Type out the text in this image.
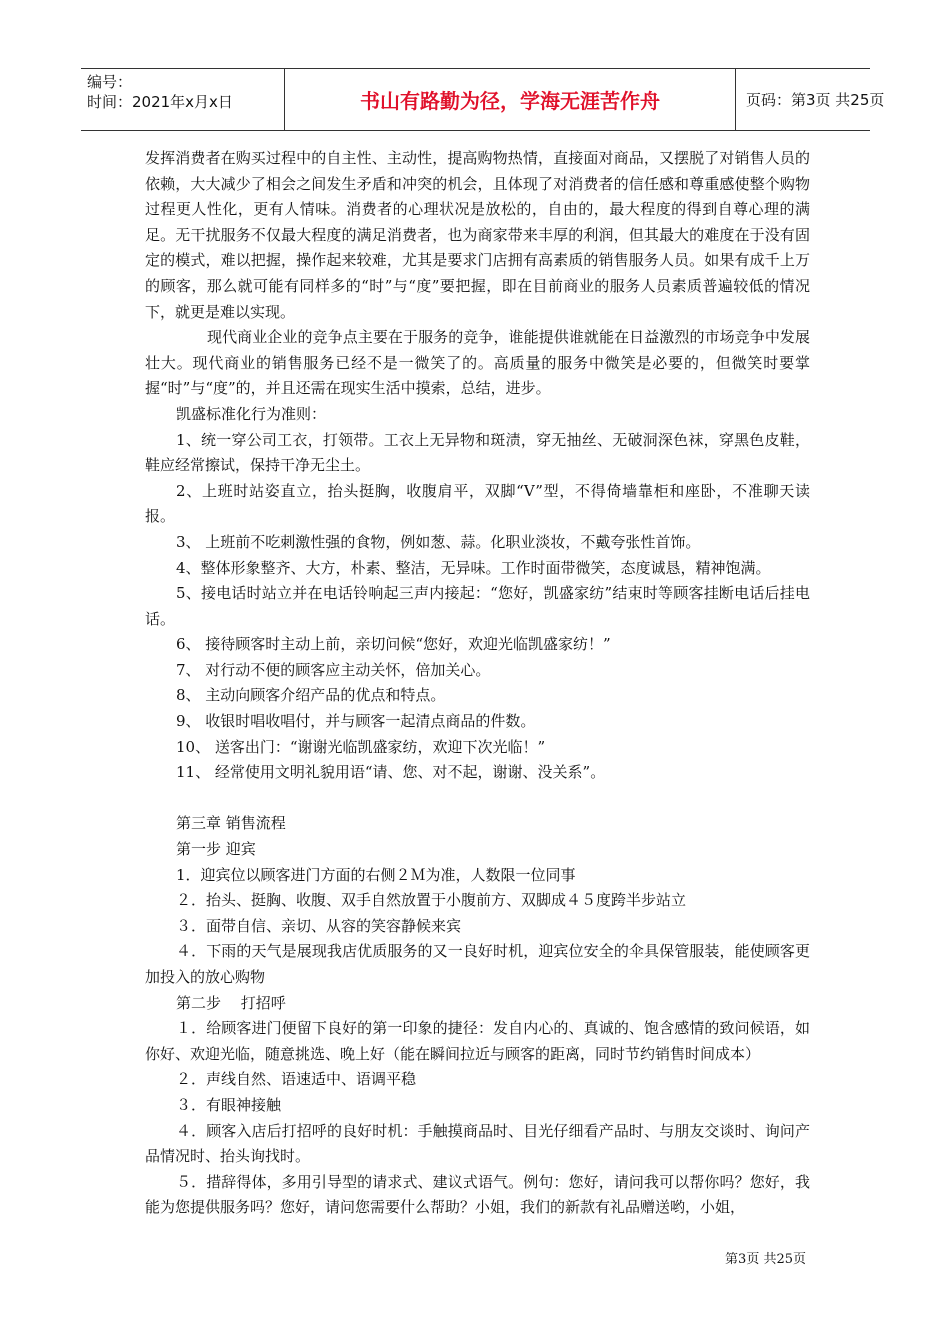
编号：
时间：2021年x月x日	书山有路勤为径，学海无涯苦作舟	页码：第3页 共25页

发挥消费者在购买过程中的自主性、主动性，提高购物热情，直接面对商品，又摆脱了对销售人员的依赖，大大减少了相会之间发生矛盾和冲突的机会，且体现了对消费者的信任感和尊重感使整个购物过程更人性化，更有人情味。消费者的心理状况是放松的，自由的，最大程度的得到自尊心理的满足。无干扰服务不仅最大程度的满足消费者，也为商家带来丰厚的利润，但其最大的难度在于没有固定的模式，难以把握，操作起来较难，尤其是要求门店拥有高素质的销售服务人员。如果有成千上万的顾客，那么就可能有同样多的“时”与“度”要把握，即在目前商业的服务人员素质普遍较低的情况下，就更是难以实现。

现代商业企业的竞争点主要在于服务的竞争，谁能提供谁就能在日益激烈的市场竞争中发展壮大。现代商业的销售服务已经不是一微笑了的。高质量的服务中微笑是必要的，但微笑时要掌握“时”与“度”的，并且还需在现实生活中摸索，总结，进步。

凯盛标准化行为准则：

1、统一穿公司工衣，打领带。工衣上无异物和斑渍，穿无抽丝、无破洞深色袜，穿黑色皮鞋，鞋应经常擦试，保持干净无尘土。

2、上班时站姿直立，抬头挺胸，收腹肩平，双脚“V”型，不得倚墙靠柜和座卧，不准聊天读报。

3、 上班前不吃刺激性强的食物，例如葱、蒜。化职业淡妆，不戴夸张性首饰。

4、整体形象整齐、大方，朴素、整洁，无异味。工作时面带微笑，态度诚恳，精神饱满。

5、接电话时站立并在电话铃响起三声内接起：“您好，凯盛家纺”结束时等顾客挂断电话后挂电话。

6、 接待顾客时主动上前，亲切问候“您好，欢迎光临凯盛家纺！”

7、 对行动不便的顾客应主动关怀，倍加关心。

8、 主动向顾客介绍产品的优点和特点。

9、 收银时唱收唱付，并与顾客一起清点商品的件数。

10、 送客出门：“谢谢光临凯盛家纺，欢迎下次光临！”

11、 经常使用文明礼貌用语“请、您、对不起，谢谢、没关系”。

第三章 销售流程

第一步 迎宾

1．迎宾位以顾客进门方面的右侧２Ｍ为准，人数限一位同事

２．抬头、挺胸、收腹、双手自然放置于小腹前方、双脚成４５度跨半步站立

３．面带自信、亲切、从容的笑容静候来宾

４．下雨的天气是展现我店优质服务的又一良好时机，迎宾位安全的伞具保管服装，能使顾客更加投入的放心购物

第二步　 打招呼

１．给顾客进门便留下良好的第一印象的捷径：发自内心的、真诚的、饱含感情的致问候语，如你好、欢迎光临，随意挑选、晚上好（能在瞬间拉近与顾客的距离，同时节约销售时间成本）

２．声线自然、语速适中、语调平稳

３．有眼神接触

４．顾客入店后打招呼的良好时机：手触摸商品时、目光仔细看产品时、与朋友交谈时、询问产品情况时、抬头询找时。

５．措辞得体，多用引导型的请求式、建议式语气。例句：您好，请问我可以帮你吗？您好，我能为您提供服务吗？您好，请问您需要什么帮助？小姐，我们的新款有礼品赠送哟，小姐，

第3页 共25页
